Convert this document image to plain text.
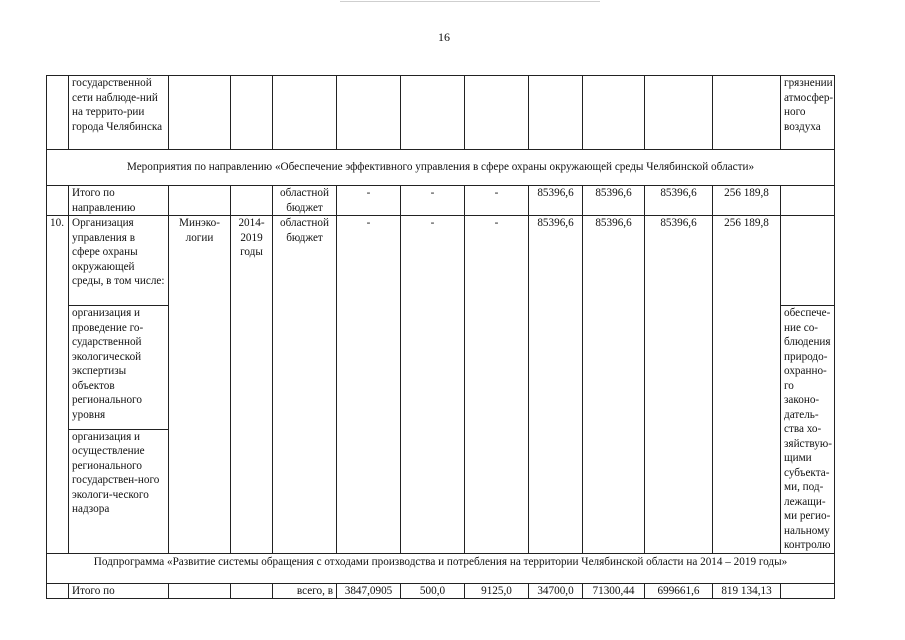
16
	государственной сети наблюде-ний на террито-рии города Челябинска											грязнении атмосфер-ного воздуха
Мероприятия по направлению «Обеспечение эффективного управления в сфере охраны окружающей среды Челябинской области»												
	Итого по направлению			областной бюджет	-	-	-	85396,6	85396,6	85396,6	256 189,8	
10.	Организация управления в сфере охраны окружающей среды, в том числе:	Минэко-логии	2014-2019 годы	областной бюджет	-	-	-	85396,6	85396,6	85396,6	256 189,8	
	организация и проведение го-сударственной экологической экспертизы объектов регионального уровня											обеспече-ние со-блюдения природо-охранно-го законо-датель-ства хо-зяйствую-щими субъекта-ми, под-лежащи-ми регио-нальному контролю
	организация и осуществление регионального государствен-ного экологи-ческого надзора											
Подпрограмма «Развитие системы обращения с отходами производства и потребления на территории Челябинской области на 2014 – 2019 годы»												
	Итого по			всего, в	3847,0905	500,0	9125,0	34700,0	71300,44	699661,6	819 134,13	
